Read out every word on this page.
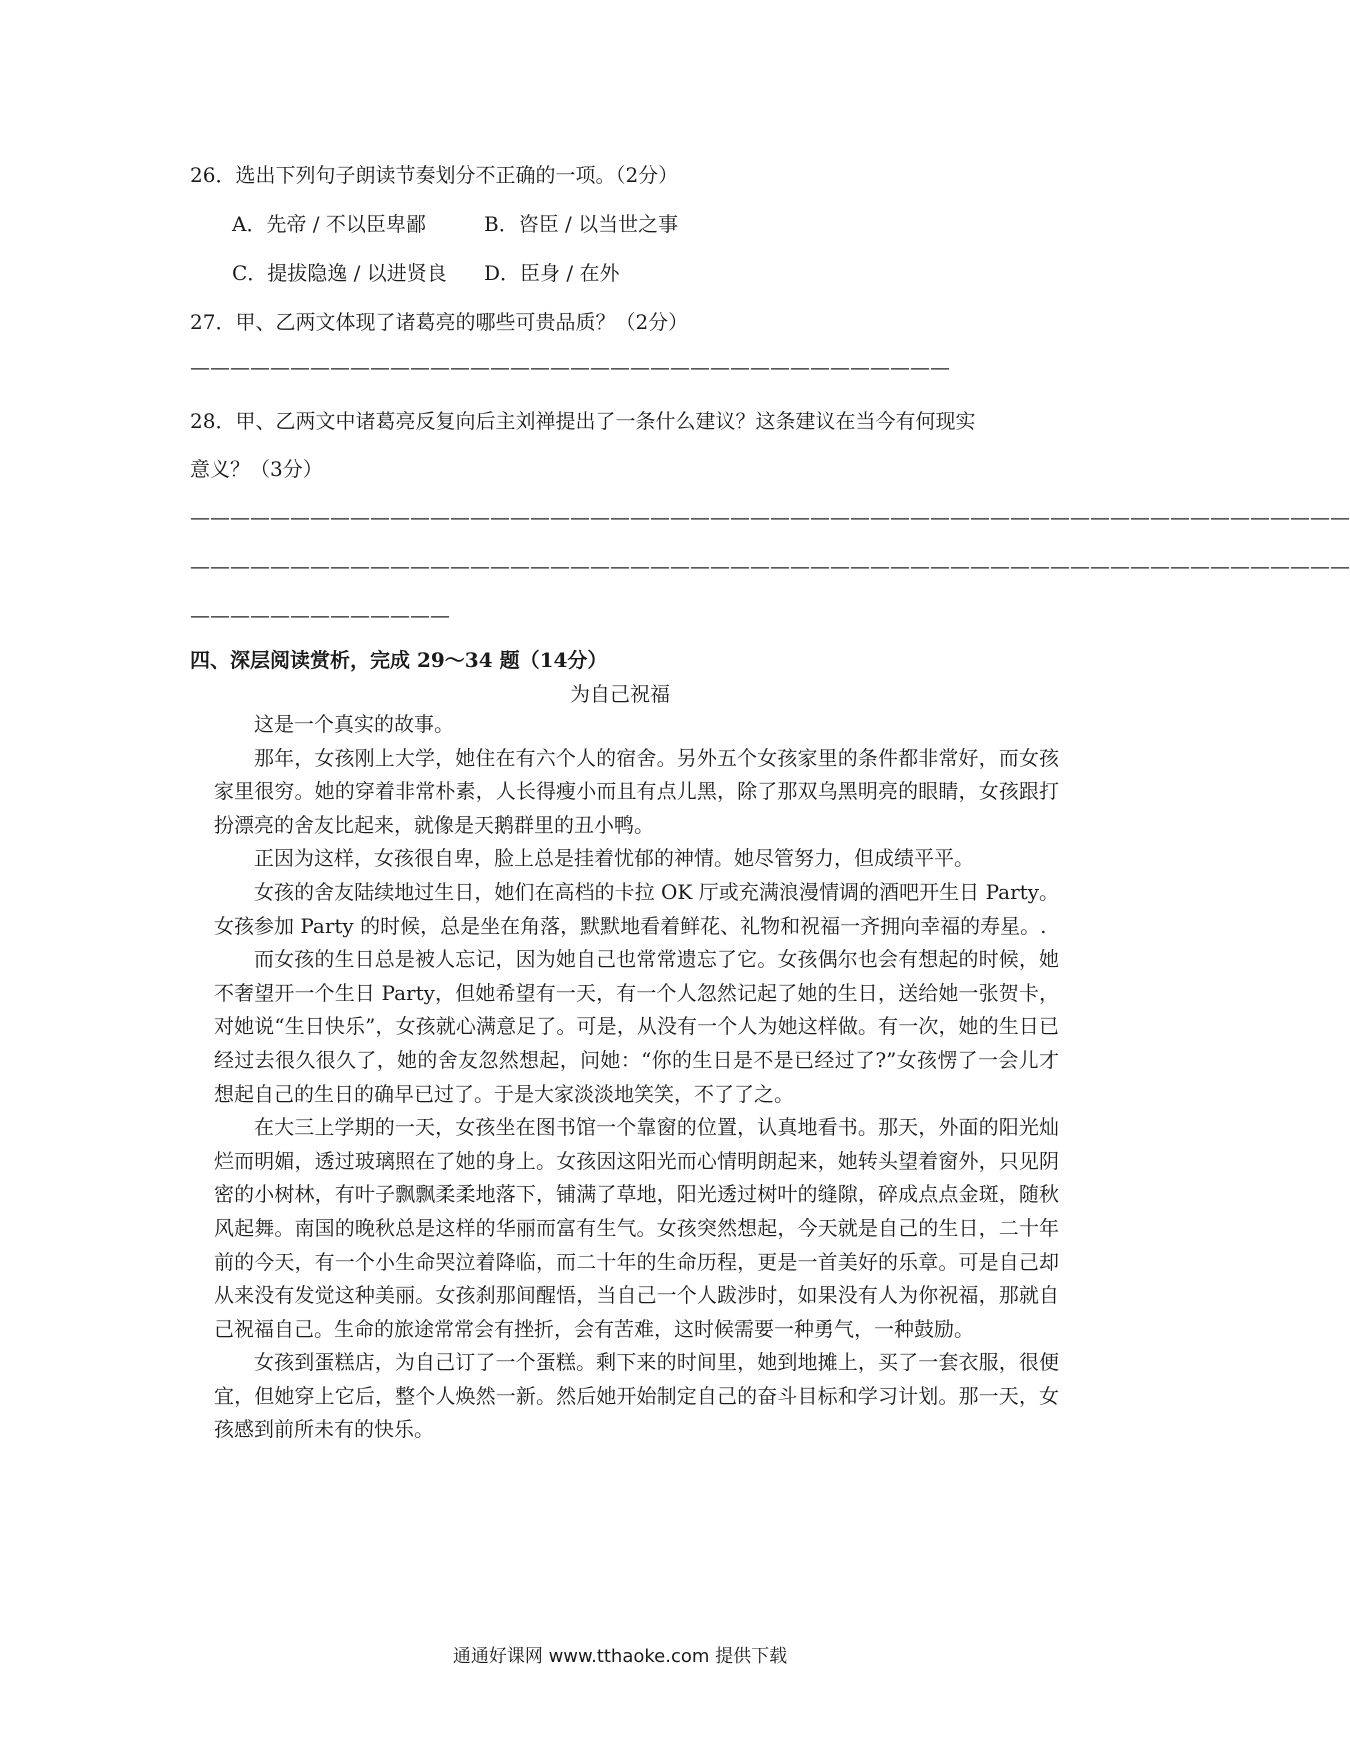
26．选出下列句子朗读节奏划分不正确的一项。（2分）
A．先帝 / 不以臣卑鄙	B．咨臣 / 以当世之事
C．提拔隐逸 / 以进贤良 D．臣身 / 在外
27．甲、乙两文体现了诸葛亮的哪些可贵品质？（2分）
——————————————————————————————————————
28．甲、乙两文中诸葛亮反复向后主刘禅提出了一条什么建议？这条建议在当今有何现实
意义？（3分）
——————————————————————————————————————————————————————————
——————————————————————————————————————————————————————————
—————————————
四、深层阅读赏析，完成 29～34 题（14分）
为自己祝福

这是一个真实的故事。

那年，女孩刚上大学，她住在有六个人的宿舍。另外五个女孩家里的条件都非常好，而女孩家里很穷。她的穿着非常朴素，人长得瘦小而且有点儿黑，除了那双乌黑明亮的眼睛，女孩跟打扮漂亮的舍友比起来，就像是天鹅群里的丑小鸭。

正因为这样，女孩很自卑，脸上总是挂着忧郁的神情。她尽管努力，但成绩平平。

女孩的舍友陆续地过生日，她们在高档的卡拉 OK 厅或充满浪漫情调的酒吧开生日 Party。女孩参加 Party 的时候，总是坐在角落，默默地看着鲜花、礼物和祝福一齐拥向幸福的寿星。.

而女孩的生日总是被人忘记，因为她自己也常常遗忘了它。女孩偶尔也会有想起的时候，她不奢望开一个生日 Party，但她希望有一天，有一个人忽然记起了她的生日，送给她一张贺卡，对她说“生日快乐”，女孩就心满意足了。可是，从没有一个人为她这样做。有一次，她的生日已经过去很久很久了，她的舍友忽然想起，问她：“你的生日是不是已经过了?”女孩愣了一会儿才想起自己的生日的确早已过了。于是大家淡淡地笑笑，不了了之。

在大三上学期的一天，女孩坐在图书馆一个靠窗的位置，认真地看书。那天，外面的阳光灿烂而明媚，透过玻璃照在了她的身上。女孩因这阳光而心情明朗起来，她转头望着窗外，只见阴密的小树林，有叶子飘飘柔柔地落下，铺满了草地，阳光透过树叶的缝隙，碎成点点金斑，随秋风起舞。南国的晚秋总是这样的华丽而富有生气。女孩突然想起，今天就是自己的生日，二十年前的今天，有一个小生命哭泣着降临，而二十年的生命历程，更是一首美好的乐章。可是自己却从来没有发觉这种美丽。女孩刹那间醒悟，当自己一个人跋涉时，如果没有人为你祝福，那就自己祝福自己。生命的旅途常常会有挫折，会有苦难，这时候需要一种勇气，一种鼓励。

女孩到蛋糕店，为自己订了一个蛋糕。剩下来的时间里，她到地摊上，买了一套衣服，很便宜，但她穿上它后，整个人焕然一新。然后她开始制定自己的奋斗目标和学习计划。那一天，女孩感到前所未有的快乐。

通通好课网 www.tthaoke.com 提供下载
